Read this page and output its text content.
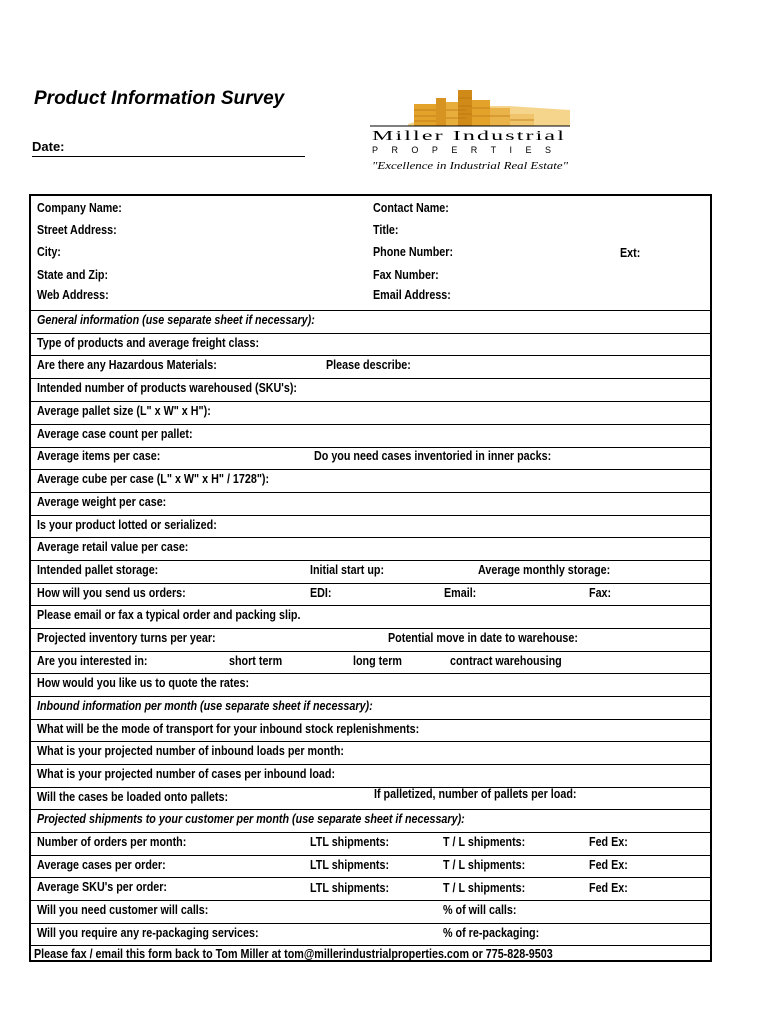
Product Information Survey
Date:
Miller Industrial
PROPERTIES
"Excellence in Industrial Real Estate"
Company Name:	Contact Name:
Street Address:	Title:
City:	Phone Number:	Ext:
State and Zip:	Fax Number:
Web Address:	Email Address:
General information (use separate sheet if necessary):
Type of products and average freight class:
Are there any Hazardous Materials:	Please describe:
Intended number of products warehoused (SKU's):
Average pallet size (L" x W" x H"):
Average case count per pallet:
Average items per case:	Do you need cases inventoried in inner packs:
Average cube per case (L" x W" x H" / 1728"):
Average weight per case:
Is your product lotted or serialized:
Average retail value per case:
Intended pallet storage:	Initial start up:	Average monthly storage:
How will you send us orders:	EDI:	Email:	Fax:
Please email or fax a typical order and packing slip.
Projected inventory turns per year:	Potential move in date to warehouse:
Are you interested in:	short term	long term	contract warehousing
How would you like us to quote the rates:
Inbound information per month (use separate sheet if necessary):
What will be the mode of transport for your inbound stock replenishments:
What is your projected number of inbound loads per month:
What is your projected number of cases per inbound load:
Will the cases be loaded onto pallets:	If palletized, number of pallets per load:
Projected shipments to your customer per month (use separate sheet if necessary):
Number of orders per month:	LTL shipments:	T / L shipments:	Fed Ex:
Average cases per order:	LTL shipments:	T / L shipments:	Fed Ex:
Average SKU's per order:	LTL shipments:	T / L shipments:	Fed Ex:
Will you need customer will calls:	% of will calls:
Will you require any re-packaging services:	% of re-packaging:
Please fax / email this form back to Tom Miller at tom@millerindustrialproperties.com or 775-828-9503
